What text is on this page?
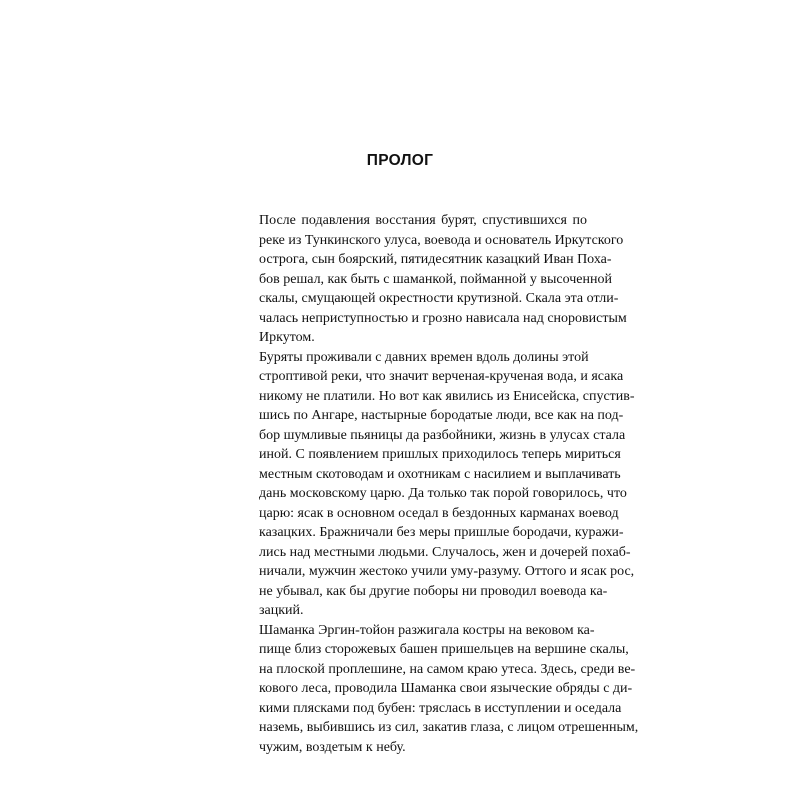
ПРОЛОГ

После подавления восстания бурят, спустившихся по
реке из Тункинского улуса, воевода и основатель Иркутского
острога, сын боярский, пятидесятник казацкий Иван Поха-
бов решал, как быть с шаманкой, пойманной у высоченной
скалы, смущающей окрестности крутизной. Скала эта отли-
чалась неприступностью и грозно нависала над сноровистым
Иркутом.

Буряты проживали с давних времен вдоль долины этой
строптивой реки, что значит верченая-крученая вода, и ясака
никому не платили. Но вот как явились из Енисейска, спустив-
шись по Ангаре, настырные бородатые люди, все как на под-
бор шумливые пьяницы да разбойники, жизнь в улусах стала
иной. С появлением пришлых приходилось теперь мириться
местным скотоводам и охотникам с насилием и выплачивать
дань московскому царю. Да только так порой говорилось, что
царю: ясак в основном оседал в бездонных карманах воевод
казацких. Бражничали без меры пришлые бородачи, куражи-
лись над местными людьми. Случалось, жен и дочерей похаб-
ничали, мужчин жестоко учили уму-разуму. Оттого и ясак рос,
не убывал, как бы другие поборы ни проводил воевода ка-
зацкий.

Шаманка Эргин-тойон разжигала костры на вековом ка-
пище близ сторожевых башен пришельцев на вершине скалы,
на плоской проплешине, на самом краю утеса. Здесь, среди ве-
кового леса, проводила Шаманка свои языческие обряды с ди-
кими плясками под бубен: тряслась в исступлении и оседала
наземь, выбившись из сил, закатив глаза, с лицом отрешенным,
чужим, воздетым к небу.
